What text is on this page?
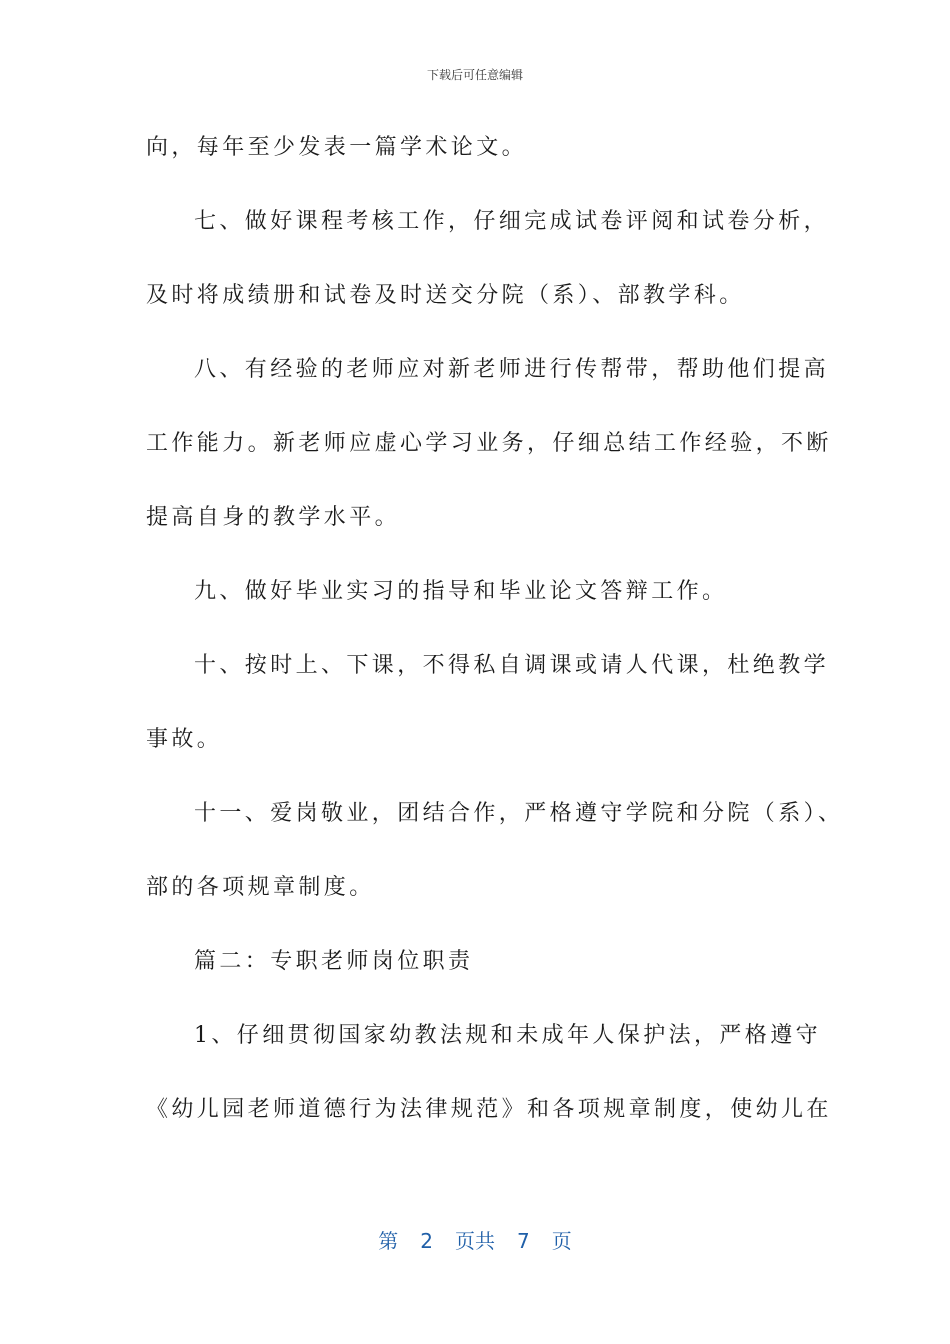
下载后可任意编辑
向，每年至少发表一篇学术论文。
七、做好课程考核工作，仔细完成试卷评阅和试卷分析，
及时将成绩册和试卷及时送交分院（系）、部教学科。
八、有经验的老师应对新老师进行传帮带，帮助他们提高
工作能力。新老师应虚心学习业务，仔细总结工作经验，不断
提高自身的教学水平。
九、做好毕业实习的指导和毕业论文答辩工作。
十、按时上、下课，不得私自调课或请人代课，杜绝教学
事故。
十一、爱岗敬业，团结合作，严格遵守学院和分院（系）、
部的各项规章制度。
篇二：专职老师岗位职责
1、仔细贯彻国家幼教法规和未成年人保护法，严格遵守
《幼儿园老师道德行为法律规范》和各项规章制度，使幼儿在
第 2 页共 7 页
